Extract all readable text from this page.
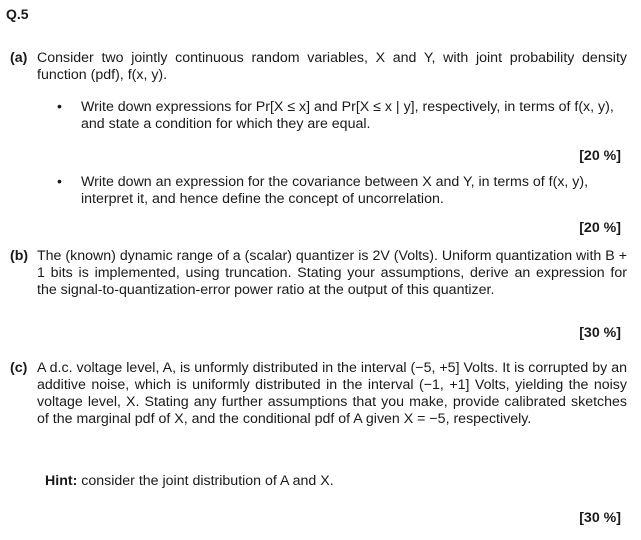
Q.5
(a) Consider two jointly continuous random variables, X and Y, with joint probability density function (pdf), f(x, y).
• Write down expressions for Pr[X ≤ x] and Pr[X ≤ x | y], respectively, in terms of f(x, y), and state a condition for which they are equal.
[20 %]
• Write down an expression for the covariance between X and Y, in terms of f(x, y), interpret it, and hence define the concept of uncorrelation.
[20 %]
(b) The (known) dynamic range of a (scalar) quantizer is 2V (Volts). Uniform quantization with B + 1 bits is implemented, using truncation. Stating your assumptions, derive an expression for the signal-to-quantization-error power ratio at the output of this quantizer.
[30 %]
(c) A d.c. voltage level, A, is unformly distributed in the interval (−5, +5] Volts. It is corrupted by an additive noise, which is uniformly distributed in the interval (−1, +1] Volts, yielding the noisy voltage level, X. Stating any further assumptions that you make, provide calibrated sketches of the marginal pdf of X, and the conditional pdf of A given X = −5, respectively.
Hint: consider the joint distribution of A and X.
[30 %]
